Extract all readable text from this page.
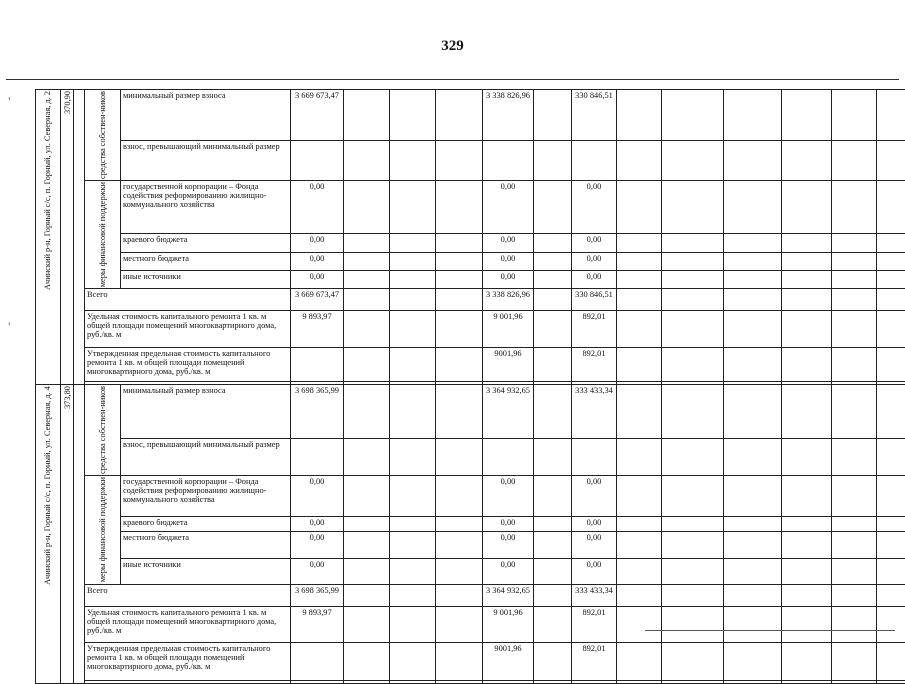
329
‹
‹
Ачинский р-н, Горный с/с, п. Горный, ул. Северная, д. 2	370,90		средства собствен-ников	минимальный размер взноса	3 669 673,47				3 338 826,96		330 846,51						
				взнос, превышающий минимальный размер													

			меры финансовой поддержки	государственной корпорации – Фонда содействия реформированию жилищно-коммунального хозяйства	0,00				0,00		0,00						
				краевого бюджета	0,00				0,00		0,00						
				местного бюджета	0,00				0,00		0,00						
				иные источники	0,00				0,00		0,00						
			Всего		3 669 673,47				3 338 826,96		330 846,51						
			Удельная стоимость капитального ремонта 1 кв. м общей площади помещений многоквартирного дома, руб./кв. м		9 893,97				9 001,96		892,01						
			Утвержденная предельная стоимость капитального ремонта 1 кв. м общей площади помещений многоквартирного дома, руб./кв. м						9001,96		892,01						

Ачинский р-н, Горный с/с, п. Горный, ул. Северная, д. 4	373,80		средства собствен-ников	минимальный размер взноса	3 698 365,99				3 364 932,65		333 433,34						
				взнос, превышающий минимальный размер													

			меры финансовой поддержки	государственной корпорации – Фонда содействия реформированию жилищно-коммунального хозяйства	0,00				0,00		0,00						
				краевого бюджета	0,00				0,00		0,00						
				местного бюджета	0,00				0,00		0,00						
				иные источники	0,00				0,00		0,00						
			Всего		3 698 365,99				3 364 932,65		333 433,34						
			Удельная стоимость капитального ремонта 1 кв. м общей площади помещений многоквартирного дома, руб./кв. м		9 893,97				9 001,96		892,01						
			Утвержденная предельная стоимость капитального ремонта 1 кв. м общей площади помещений многоквартирного дома, руб./кв. м						9001,96		892,01						
